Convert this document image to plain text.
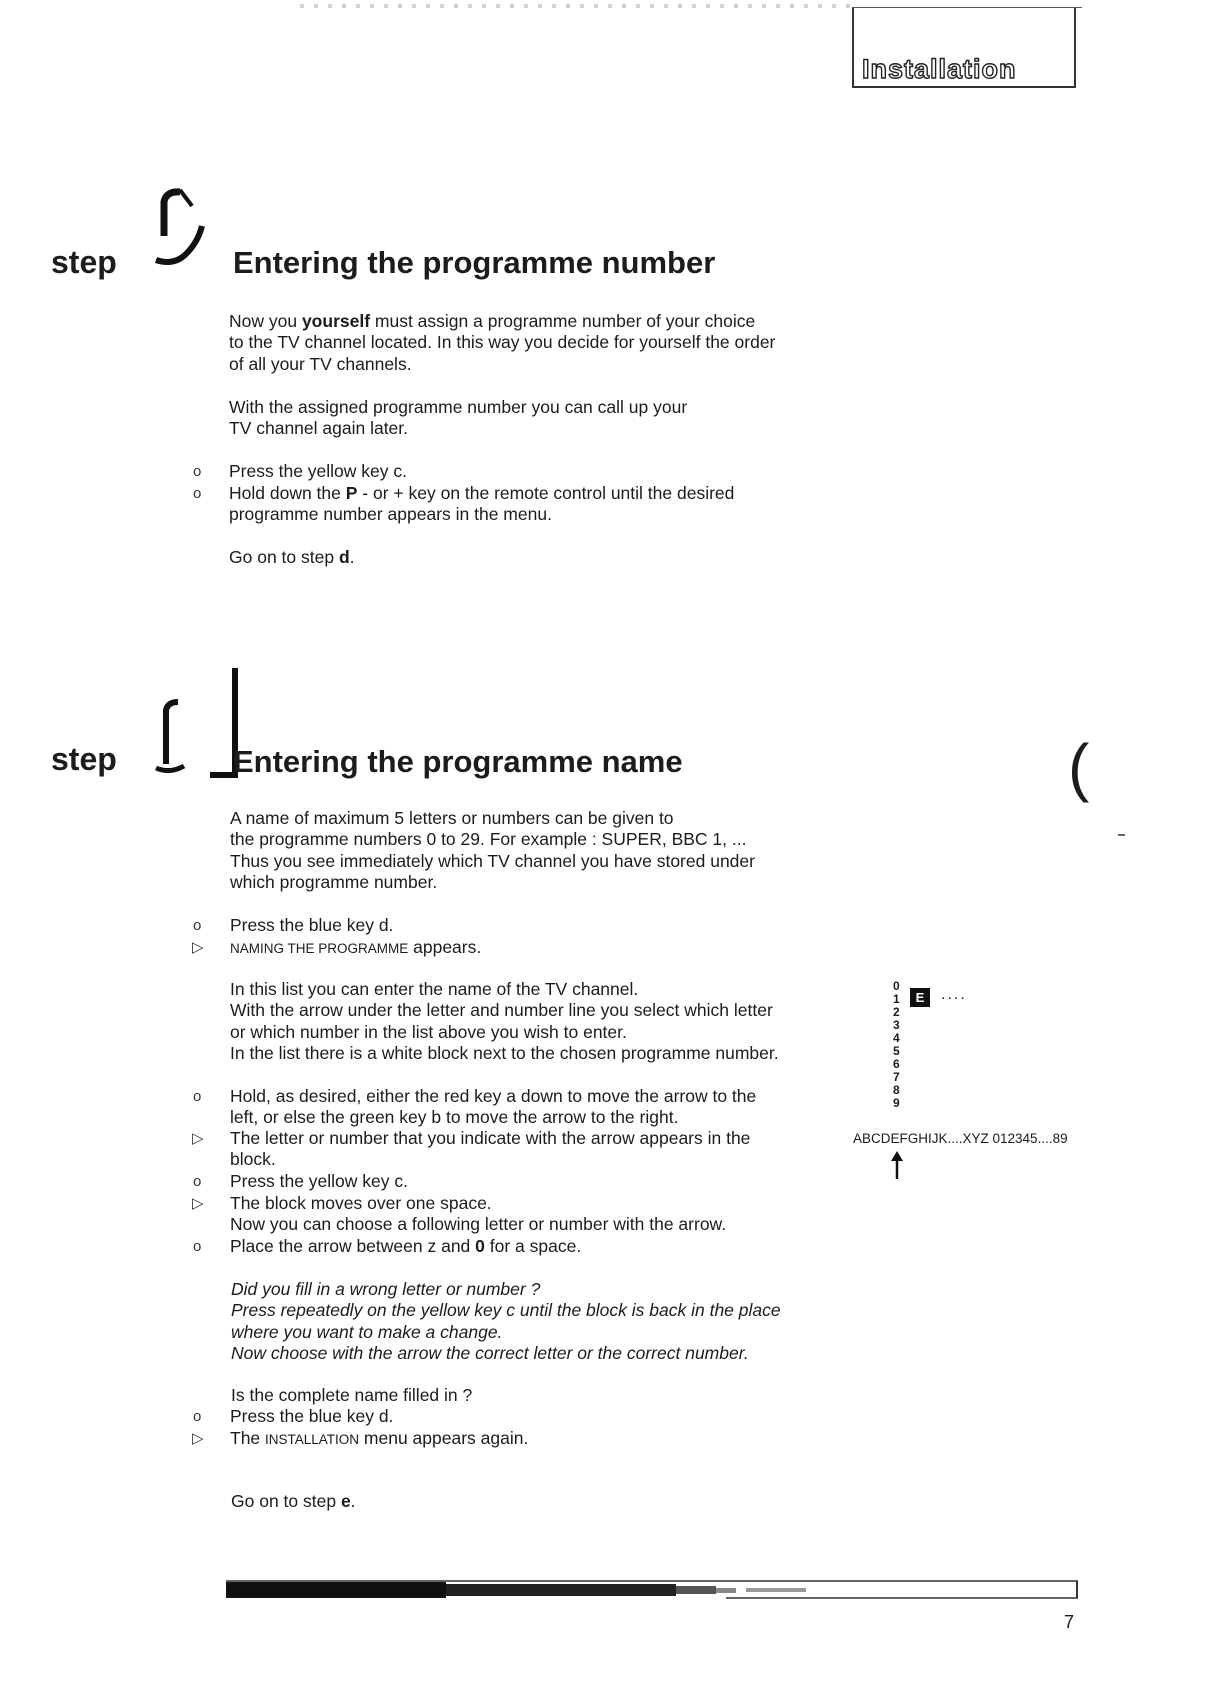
Installation
step	Entering the programme number
Now you yourself must assign a programme number of your choice
to the TV channel located. In this way you decide for yourself the order
of all your TV channels.
With the assigned programme number you can call up your
TV channel again later.
o Press the yellow key c.
o Hold down the P - or + key on the remote control until the desired
programme number appears in the menu.
Go on to step d.
step	Entering the programme name
A name of maximum 5 letters or numbers can be given to
the programme numbers 0 to 29. For example : SUPER, BBC 1, ...
Thus you see immediately which TV channel you have stored under
which programme number.
o Press the blue key d.
▷ NAMING THE PROGRAMME appears.
In this list you can enter the name of the TV channel.
With the arrow under the letter and number line you select which letter
or which number in the list above you wish to enter.
In the list there is a white block next to the chosen programme number.
o Hold, as desired, either the red key a down to move the arrow to the
left, or else the green key b to move the arrow to the right.
▷ The letter or number that you indicate with the arrow appears in the
block.
o Press the yellow key c.
▷ The block moves over one space.
Now you can choose a following letter or number with the arrow.
o Place the arrow between z and 0 for a space.
Did you fill in a wrong letter or number ?
Press repeatedly on the yellow key c until the block is back in the place
where you want to make a change.
Now choose with the arrow the correct letter or the correct number.
Is the complete name filled in ?
o Press the blue key d.
▷ The INSTALLATION menu appears again.
Go on to step e.
0
1
2
3
4
5
6
7
8
9
E	....
ABCDEFGHIJK....XYZ 012345....89
(
7
